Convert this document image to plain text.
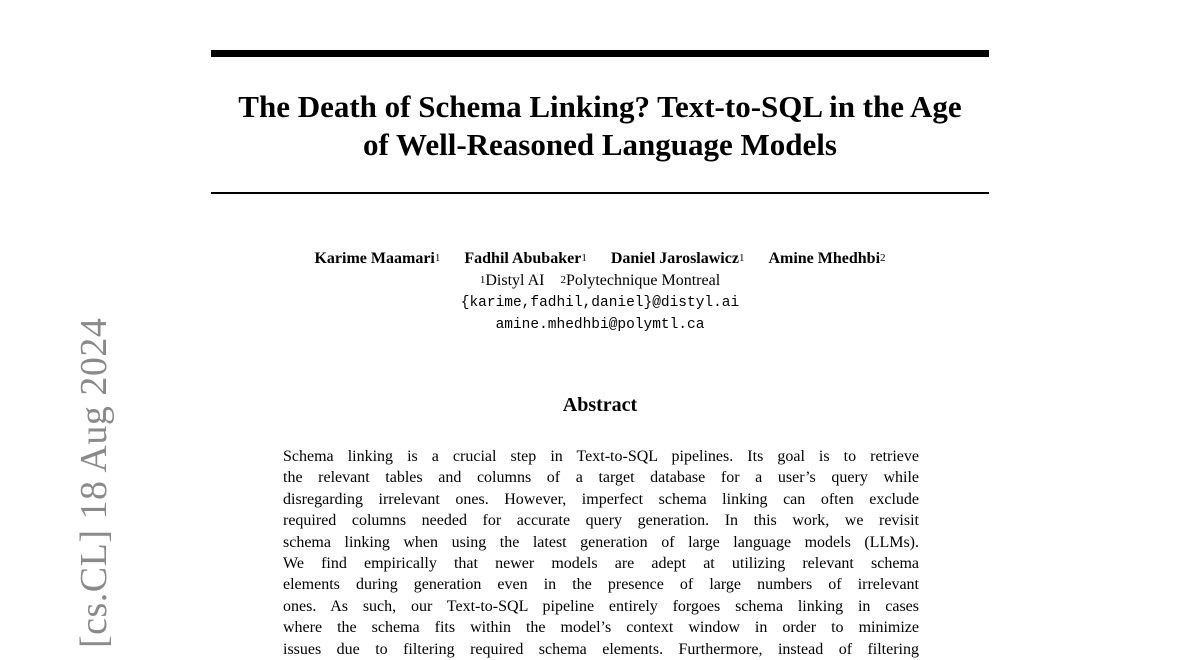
[cs.CL] 18 Aug 2024
The Death of Schema Linking? Text-to-SQL in the Age
of Well-Reasoned Language Models
Karime Maamari$^1$ Fadhil Abubaker$^1$ Daniel Jaroslawicz$^1$ Amine Mhedhbi$^2$
$^1$Distyl AI $^2$Polytechnique Montreal
{karime,fadhil,daniel}@distyl.ai
amine.mhedhbi@polymtl.ca
Abstract
Schema linking is a crucial step in Text-to-SQL pipelines. Its goal is to retrieve
the relevant tables and columns of a target database for a user’s query while
disregarding irrelevant ones. However, imperfect schema linking can often exclude
required columns needed for accurate query generation. In this work, we revisit
schema linking when using the latest generation of large language models (LLMs).
We find empirically that newer models are adept at utilizing relevant schema
elements during generation even in the presence of large numbers of irrelevant
ones. As such, our Text-to-SQL pipeline entirely forgoes schema linking in cases
where the schema fits within the model’s context window in order to minimize
issues due to filtering required schema elements. Furthermore, instead of filtering
